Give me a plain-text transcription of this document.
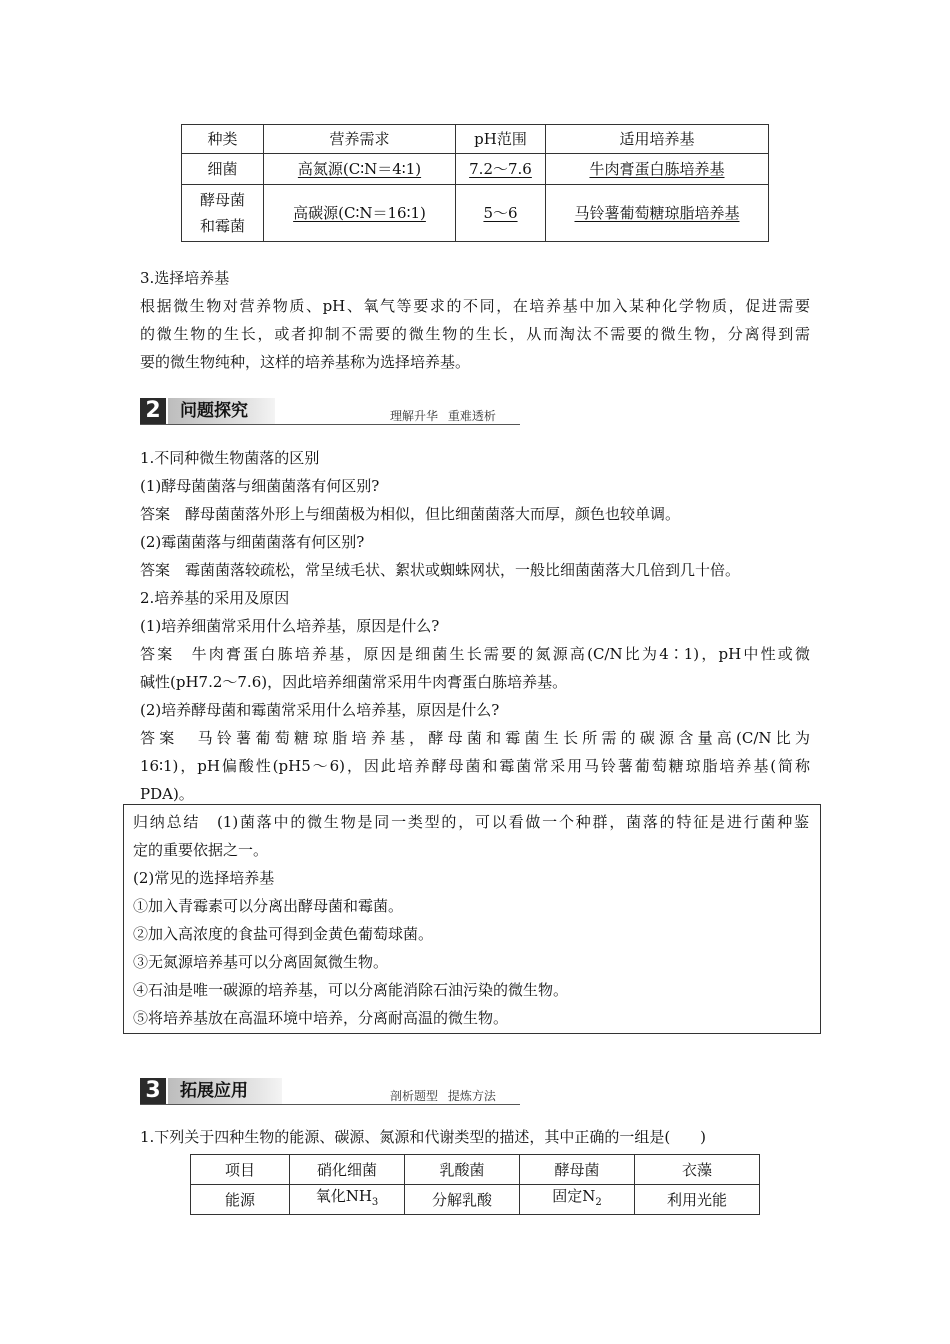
种类	营养需求	pH范围	适用培养基
细菌	高氮源(C∶N＝4∶1)	7.2～7.6	牛肉膏蛋白胨培养基

酵母菌
和霉菌	高碳源(C∶N＝16∶1)	5～6	马铃薯葡萄糖琼脂培养基
3.选择培养基
根据微生物对营养物质、pH、氧气等要求的不同，在培养基中加入某种化学物质，促进需要
的微生物的生长，或者抑制不需要的微生物的生长，从而淘汰不需要的微生物，分离得到需
要的微生物纯种，这样的培养基称为选择培养基。
2	问题探究	理解升华 重难透析
1.不同种微生物菌落的区别
(1)酵母菌菌落与细菌菌落有何区别?
答案　酵母菌菌落外形上与细菌极为相似，但比细菌菌落大而厚，颜色也较单调。
(2)霉菌菌落与细菌菌落有何区别?
答案　霉菌菌落较疏松，常呈绒毛状、絮状或蜘蛛网状，一般比细菌菌落大几倍到几十倍。
2.培养基的采用及原因
(1)培养细菌常采用什么培养基，原因是什么?
答案　牛肉膏蛋白胨培养基，原因是细菌生长需要的氮源高(C/N比为4∶1)，pH中性或微
碱性(pH7.2～7.6)，因此培养细菌常采用牛肉膏蛋白胨培养基。
(2)培养酵母菌和霉菌常采用什么培养基，原因是什么?
答案　马铃薯葡萄糖琼脂培养基，酵母菌和霉菌生长所需的碳源含量高(C/N比为
16∶1)，pH偏酸性(pH5～6)，因此培养酵母菌和霉菌常采用马铃薯葡萄糖琼脂培养基(简称
PDA)。
归纳总结　(1)菌落中的微生物是同一类型的，可以看做一个种群，菌落的特征是进行菌种鉴
定的重要依据之一。
(2)常见的选择培养基
①加入青霉素可以分离出酵母菌和霉菌。
②加入高浓度的食盐可得到金黄色葡萄球菌。
③无氮源培养基可以分离固氮微生物。
④石油是唯一碳源的培养基，可以分离能消除石油污染的微生物。
⑤将培养基放在高温环境中培养，分离耐高温的微生物。
3	拓展应用	剖析题型 提炼方法
1.下列关于四种生物的能源、碳源、氮源和代谢类型的描述，其中正确的一组是(　　)
项目	硝化细菌	乳酸菌	酵母菌	衣藻
能源	氧化$NH_3$	分解乳酸	固定$N_2$	利用光能
